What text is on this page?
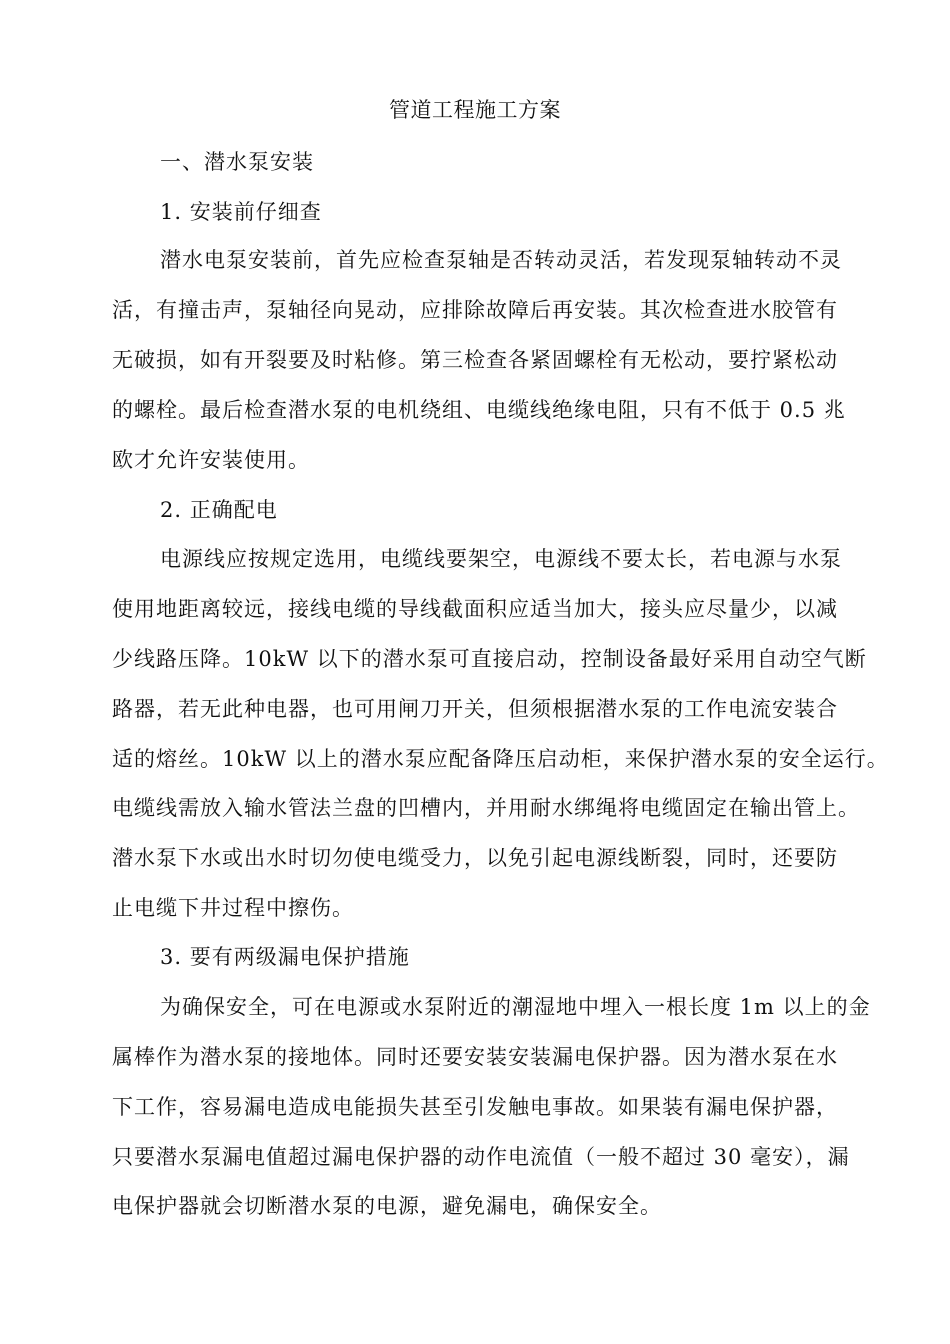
管道工程施工方案
一、潜水泵安装
1. 安装前仔细查
潜水电泵安装前，首先应检查泵轴是否转动灵活，若发现泵轴转动不灵
活，有撞击声，泵轴径向晃动，应排除故障后再安装。其次检查进水胶管有
无破损，如有开裂要及时粘修。第三检查各紧固螺栓有无松动，要拧紧松动
的螺栓。最后检查潜水泵的电机绕组、电缆线绝缘电阻，只有不低于 0.5 兆
欧才允许安装使用。
2. 正确配电
电源线应按规定选用，电缆线要架空，电源线不要太长，若电源与水泵
使用地距离较远，接线电缆的导线截面积应适当加大，接头应尽量少，以减
少线路压降。10kW 以下的潜水泵可直接启动，控制设备最好采用自动空气断
路器，若无此种电器，也可用闸刀开关，但须根据潜水泵的工作电流安装合
适的熔丝。10kW 以上的潜水泵应配备降压启动柜，来保护潜水泵的安全运行。
电缆线需放入输水管法兰盘的凹槽内，并用耐水绑绳将电缆固定在输出管上。
潜水泵下水或出水时切勿使电缆受力，以免引起电源线断裂，同时，还要防
止电缆下井过程中擦伤。
3. 要有两级漏电保护措施
为确保安全，可在电源或水泵附近的潮湿地中埋入一根长度 1m 以上的金
属棒作为潜水泵的接地体。同时还要安装安装漏电保护器。因为潜水泵在水
下工作，容易漏电造成电能损失甚至引发触电事故。如果装有漏电保护器，
只要潜水泵漏电值超过漏电保护器的动作电流值（一般不超过 30 毫安），漏
电保护器就会切断潜水泵的电源，避免漏电，确保安全。
